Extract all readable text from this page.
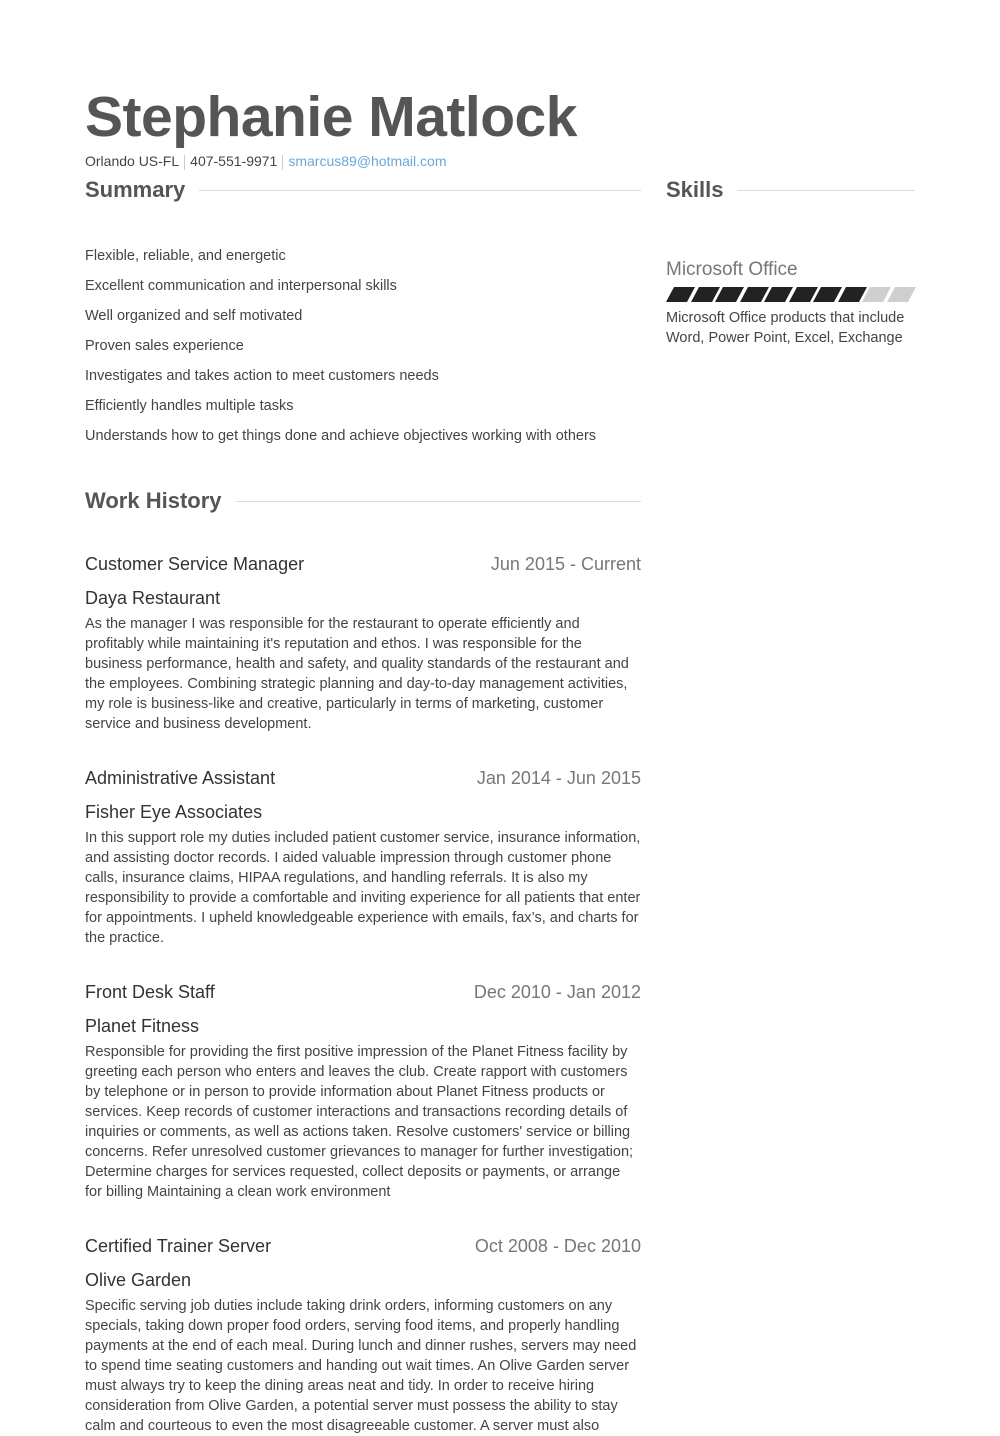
Stephanie Matlock
Orlando US-FL 407-551-9971 smarcus89@hotmail.com
Summary
Flexible, reliable, and energetic
Excellent communication and interpersonal skills
Well organized and self motivated
Proven sales experience
Investigates and takes action to meet customers needs
Efficiently handles multiple tasks
Understands how to get things done and achieve objectives working with others
Work History
Customer Service Manager	Jun 2015 - Current
Daya Restaurant
As the manager I was responsible for the restaurant to operate efficiently and profitably while maintaining it's reputation and ethos. I was responsible for the business performance, health and safety, and quality standards of the restaurant and the employees. Combining strategic planning and day-to-day management activities, my role is business-like and creative, particularly in terms of marketing, customer service and business development.
Administrative Assistant	Jan 2014 - Jun 2015
Fisher Eye Associates
In this support role my duties included patient customer service, insurance information, and assisting doctor records. I aided valuable impression through customer phone calls, insurance claims, HIPAA regulations, and handling referrals. It is also my responsibility to provide a comfortable and inviting experience for all patients that enter for appointments. I upheld knowledgeable experience with emails, fax’s, and charts for the practice.
Front Desk Staff	Dec 2010 - Jan 2012
Planet Fitness
Responsible for providing the first positive impression of the Planet Fitness facility by greeting each person who enters and leaves the club. Create rapport with customers by telephone or in person to provide information about Planet Fitness products or services. Keep records of customer interactions and transactions recording details of inquiries or comments, as well as actions taken. Resolve customers' service or billing concerns. Refer unresolved customer grievances to manager for further investigation; Determine charges for services requested, collect deposits or payments, or arrange for billing Maintaining a clean work environment
Certified Trainer Server	Oct 2008 - Dec 2010
Olive Garden
Specific serving job duties include taking drink orders, informing customers on any specials, taking down proper food orders, serving food items, and properly handling payments at the end of each meal. During lunch and dinner rushes, servers may need to spend time seating customers and handing out wait times. An Olive Garden server must always try to keep the dining areas neat and tidy. In order to receive hiring consideration from Olive Garden, a potential server must possess the ability to stay calm and courteous to even the most disagreeable customer. A server must also
Skills
Microsoft Office
Microsoft Office products that include Word, Power Point, Excel, Exchange
